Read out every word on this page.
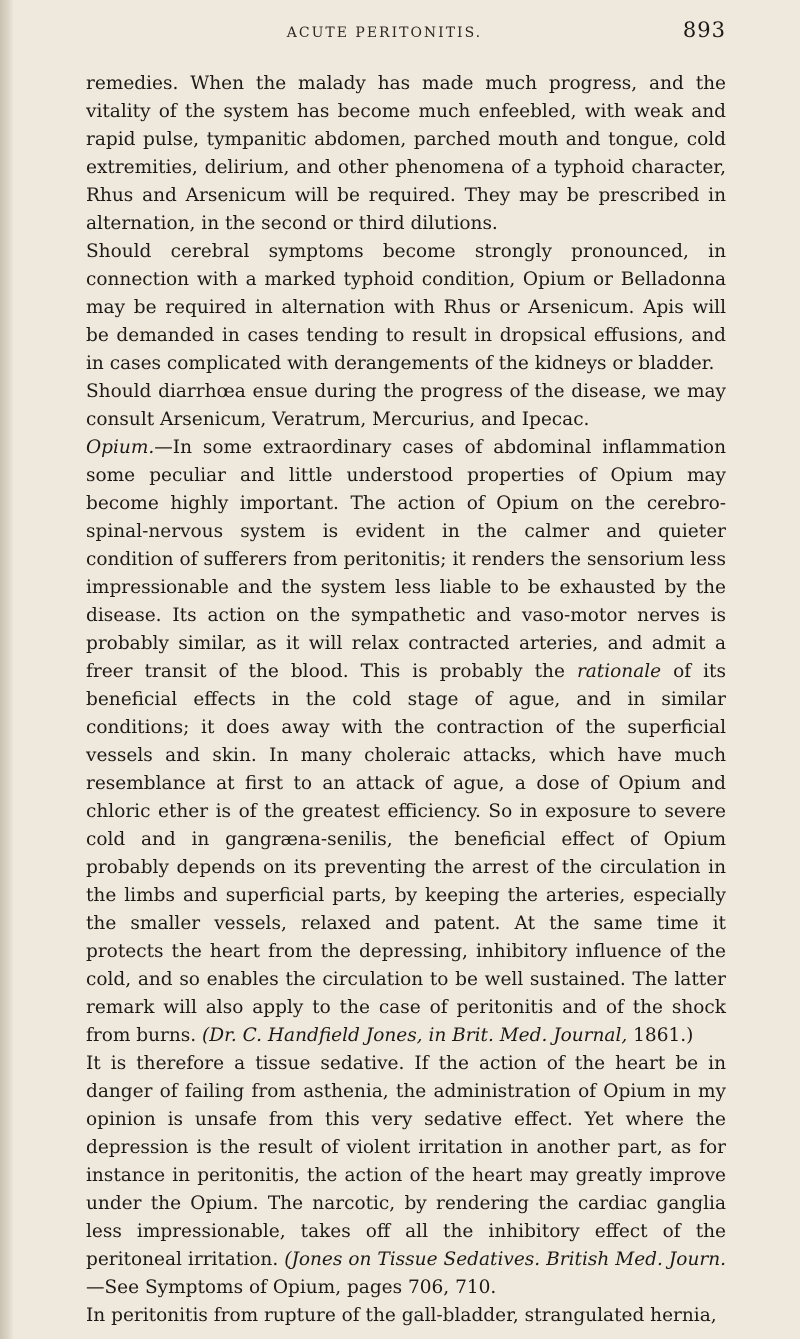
ACUTE PERITONITIS.	893

remedies. When the malady has made much progress, and the vitality of the system has become much enfeebled, with weak and rapid pulse, tympanitic abdomen, parched mouth and tongue, cold extremities, delirium, and other phenomena of a typhoid character, Rhus and Arsenicum will be required. They may be prescribed in alternation, in the second or third dilutions.

Should cerebral symptoms become strongly pronounced, in connection with a marked typhoid condition, Opium or Belladonna may be required in alternation with Rhus or Arsenicum. Apis will be demanded in cases tending to result in dropsical effusions, and in cases complicated with derangements of the kidneys or bladder.

Should diarrhœa ensue during the progress of the disease, we may consult Arsenicum, Veratrum, Mercurius, and Ipecac.

Opium.—In some extraordinary cases of abdominal inflammation some peculiar and little understood properties of Opium may become highly important. The action of Opium on the cerebro-spinal-nervous system is evident in the calmer and quieter condition of sufferers from peritonitis; it renders the sensorium less impressionable and the system less liable to be exhausted by the disease. Its action on the sympathetic and vaso-motor nerves is probably similar, as it will relax contracted arteries, and admit a freer transit of the blood. This is probably the rationale of its beneficial effects in the cold stage of ague, and in similar conditions; it does away with the contraction of the superficial vessels and skin. In many choleraic attacks, which have much resemblance at first to an attack of ague, a dose of Opium and chloric ether is of the greatest efficiency. So in exposure to severe cold and in gangræna-senilis, the beneficial effect of Opium probably depends on its preventing the arrest of the circulation in the limbs and superficial parts, by keeping the arteries, especially the smaller vessels, relaxed and patent. At the same time it protects the heart from the depressing, inhibitory influence of the cold, and so enables the circulation to be well sustained. The latter remark will also apply to the case of peritonitis and of the shock from burns. (Dr. C. Handfield Jones, in Brit. Med. Journal, 1861.)

It is therefore a tissue sedative. If the action of the heart be in danger of failing from asthenia, the administration of Opium in my opinion is unsafe from this very sedative effect. Yet where the depression is the result of violent irritation in another part, as for instance in peritonitis, the action of the heart may greatly improve under the Opium. The narcotic, by rendering the cardiac ganglia less impressionable, takes off all the inhibitory effect of the peritoneal irritation. (Jones on Tissue Sedatives. British Med. Journ.—See Symptoms of Opium, pages 706, 710.

In peritonitis from rupture of the gall-bladder, strangulated hernia,
